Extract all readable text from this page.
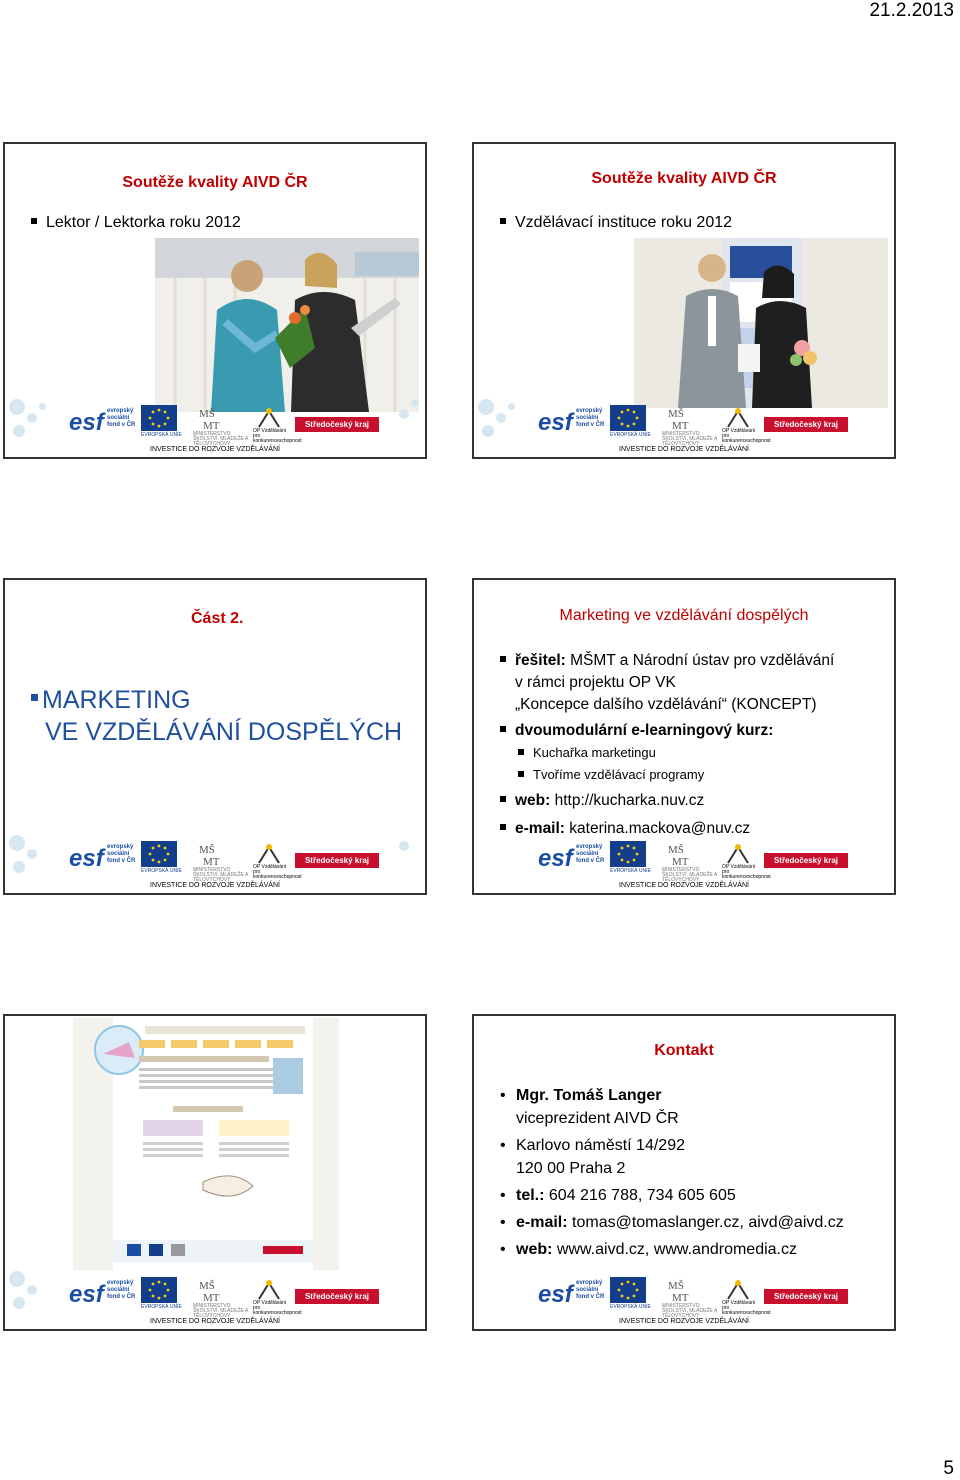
21.2.2013
Soutěže kvality AIVD ČR
Lektor / Lektorka roku 2012
esf evropský
sociální
fond v ČR
EVROPSKÁ UNIE
MŠ
MT
MINISTERSTVO ŠKOLSTVÍ, MLÁDEŽE A TĚLOVÝCHOVY
OP Vzdělávání pro konkurenceschopnost
Středočeský kraj
INVESTICE DO ROZVOJE VZDĚLÁVÁNÍ
Soutěže kvality AIVD ČR
Vzdělávací instituce roku 2012
esf evropský
sociální
fond v ČR
EVROPSKÁ UNIE
MŠ
MT
MINISTERSTVO ŠKOLSTVÍ, MLÁDEŽE A TĚLOVÝCHOVY
OP Vzdělávání pro konkurenceschopnost
Středočeský kraj
INVESTICE DO ROZVOJE VZDĚLÁVÁNÍ
Část 2.
MARKETING
VE VZDĚLÁVÁNÍ DOSPĚLÝCH
esf evropský
sociální
fond v ČR
EVROPSKÁ UNIE
MŠ
MT
MINISTERSTVO ŠKOLSTVÍ, MLÁDEŽE A TĚLOVÝCHOVY
OP Vzdělávání pro konkurenceschopnost
Středočeský kraj
INVESTICE DO ROZVOJE VZDĚLÁVÁNÍ
Marketing ve vzdělávání dospělých
řešitel: MŠMT a Národní ústav pro vzdělávání
v rámci projektu OP VK
„Koncepce dalšího vzdělávání“ (KONCEPT)
dvoumodulární e-learningový kurz:
Kuchařka marketingu
Tvoříme vzdělávací programy
web: http://kucharka.nuv.cz
e-mail: katerina.mackova@nuv.cz
esf evropský
sociální
fond v ČR
EVROPSKÁ UNIE
MŠ
MT
MINISTERSTVO ŠKOLSTVÍ, MLÁDEŽE A TĚLOVÝCHOVY
OP Vzdělávání pro konkurenceschopnost
Středočeský kraj
INVESTICE DO ROZVOJE VZDĚLÁVÁNÍ
esf evropský
sociální
fond v ČR
EVROPSKÁ UNIE
MŠ
MT
MINISTERSTVO ŠKOLSTVÍ, MLÁDEŽE A TĚLOVÝCHOVY
OP Vzdělávání pro konkurenceschopnost
Středočeský kraj
INVESTICE DO ROZVOJE VZDĚLÁVÁNÍ
Kontakt
• Mgr. Tomáš Langer
viceprezident AIVD ČR
• Karlovo náměstí 14/292
120 00 Praha 2
• tel.: 604 216 788, 734 605 605
• e-mail: tomas@tomaslanger.cz, aivd@aivd.cz
• web: www.aivd.cz, www.andromedia.cz
esf evropský
sociální
fond v ČR
EVROPSKÁ UNIE
MŠ
MT
MINISTERSTVO ŠKOLSTVÍ, MLÁDEŽE A TĚLOVÝCHOVY
OP Vzdělávání pro konkurenceschopnost
Středočeský kraj
INVESTICE DO ROZVOJE VZDĚLÁVÁNÍ
5
